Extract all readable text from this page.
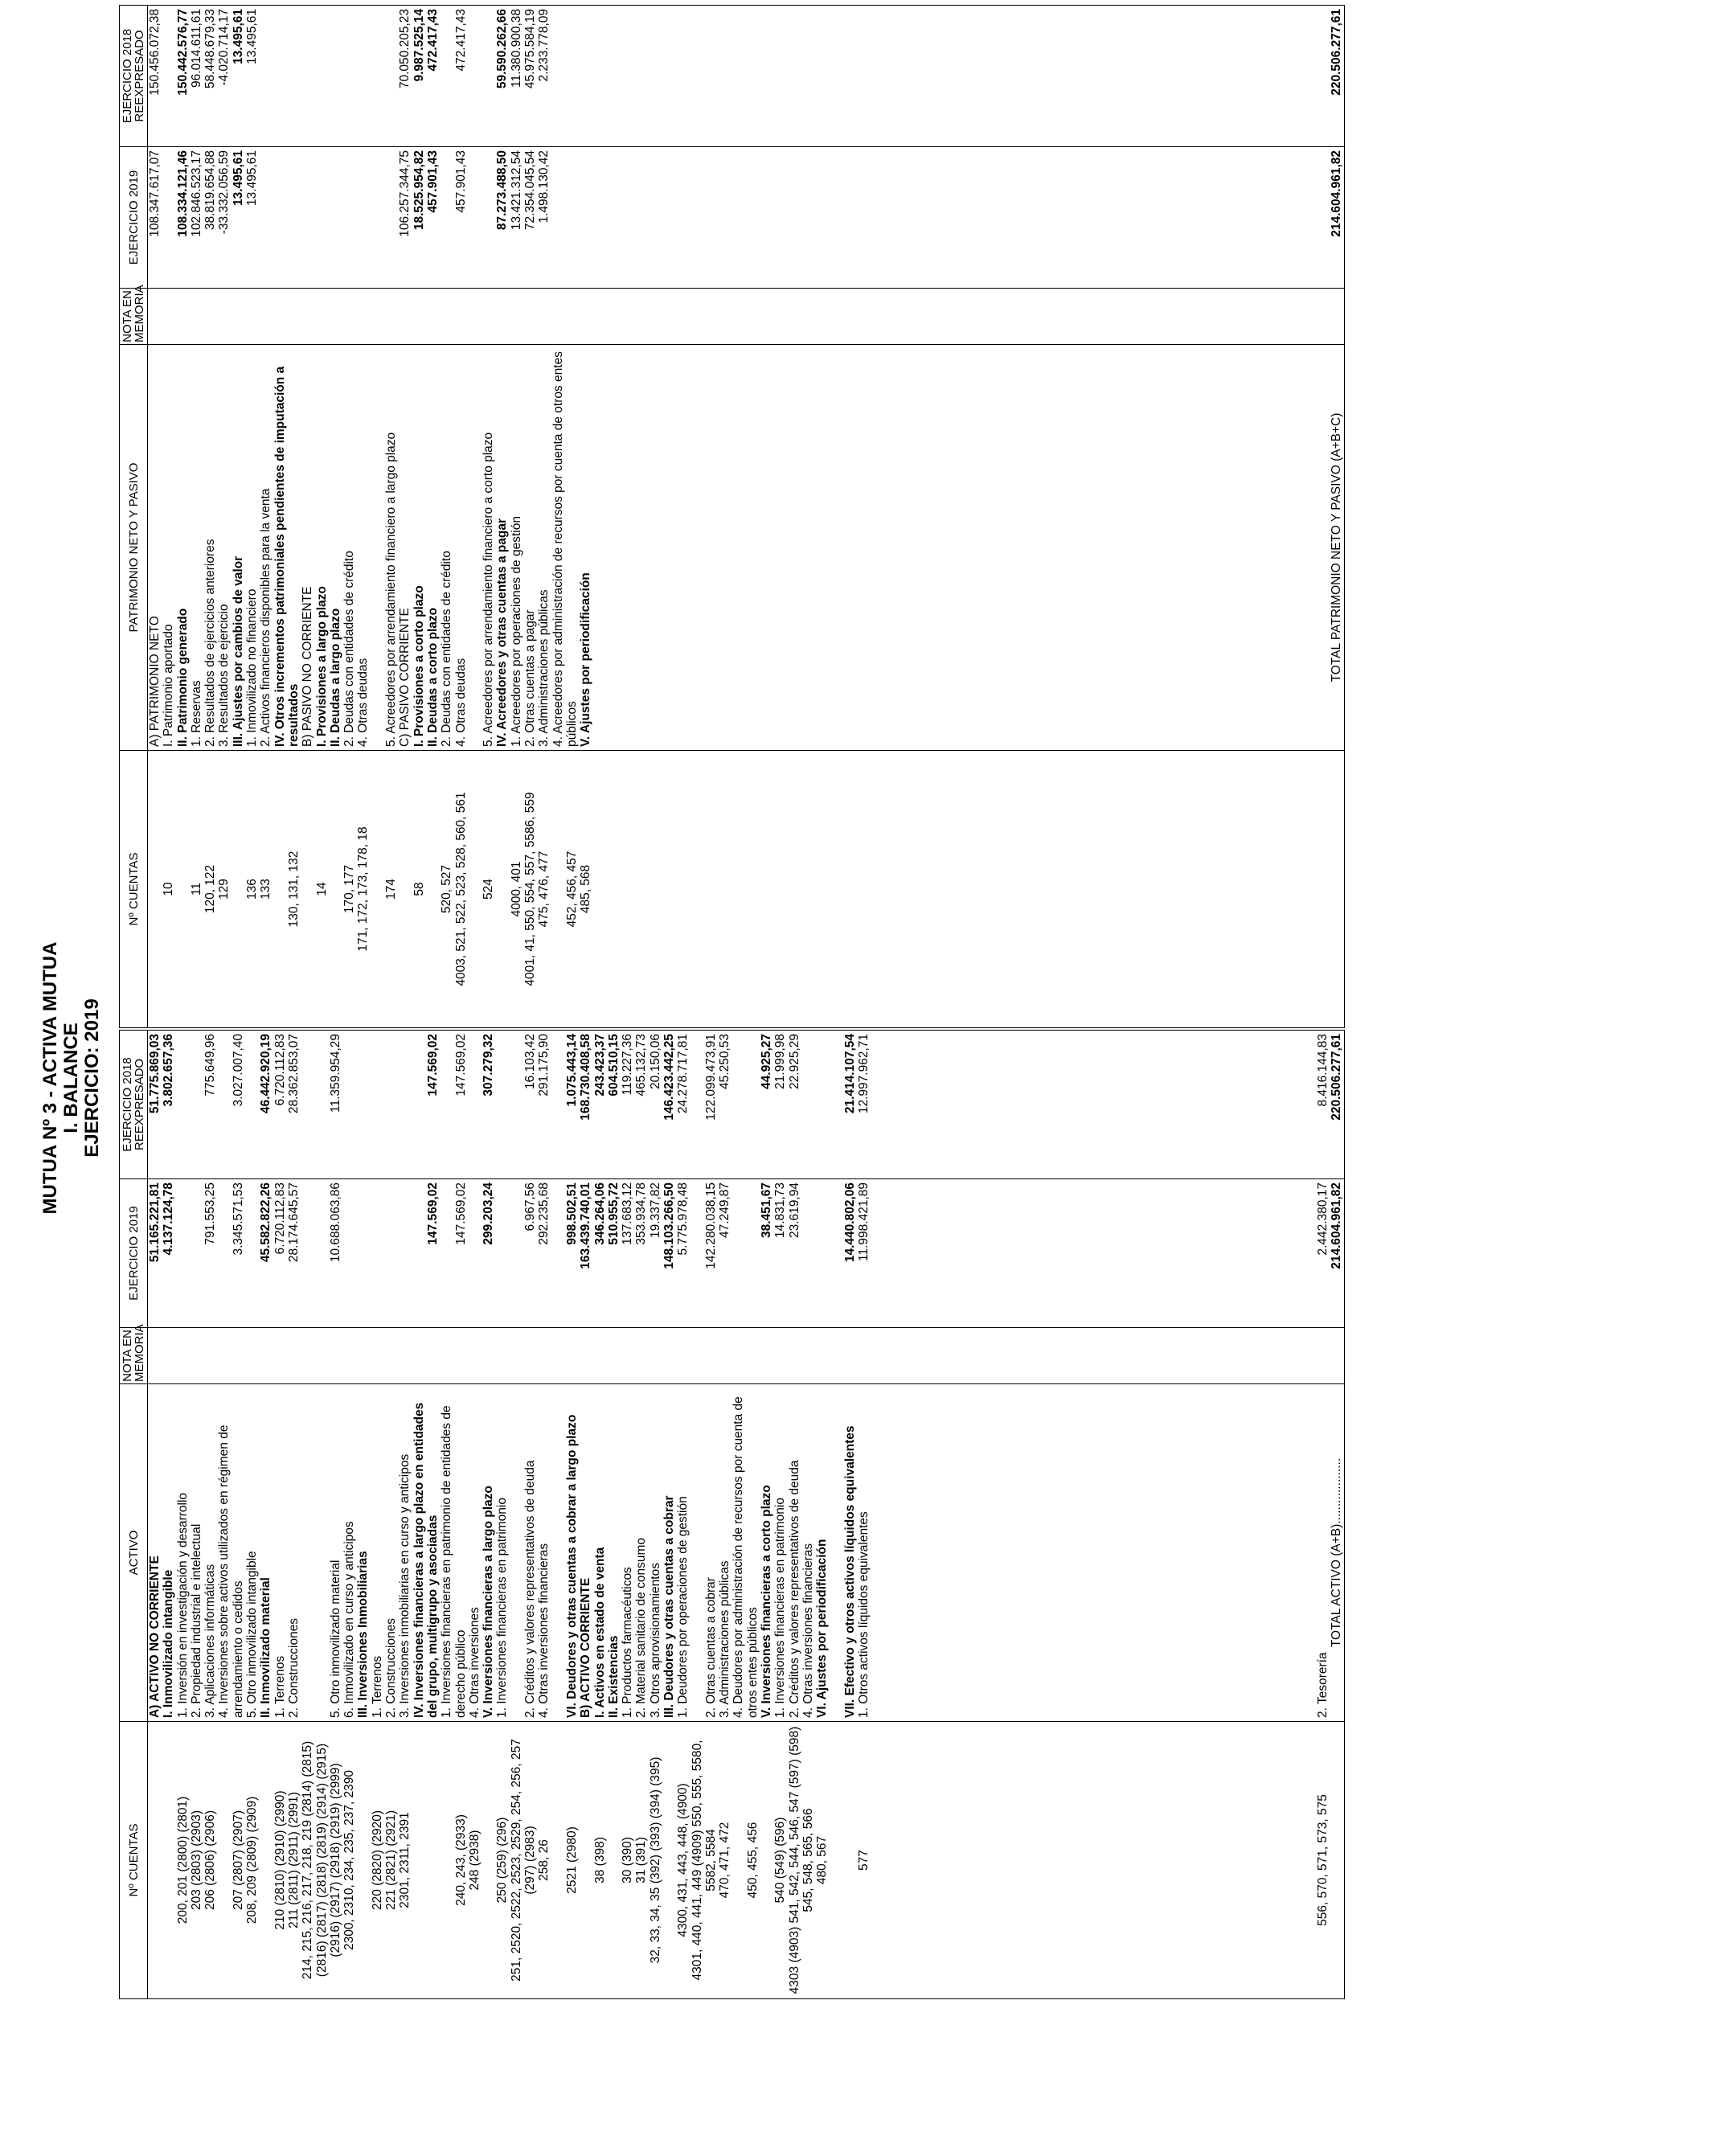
MUTUA Nº 3 - ACTIVA MUTUA I. BALANCE EJERCICIO: 2019
Nº CUENTAS	ACTIVO	NOTA EN MEMORIA	EJERCICIO 2019	EJERCICIO 2018 REEXPRESADO
	A) ACTIVO NO CORRIENTE		51.165.221,81	51.775.869,03
	I. Inmovilizado intangible		4.137.124,78	3.802.657,36
200, 201 (2800) (2801)	1. Inversión en investigación y desarrollo			
203 (2803) (2903)	2. Propiedad industrial e intelectual			
206 (2806) (2906)	3. Aplicaciones informáticas		791.553,25	775.649,96
207 (2807) (2907)	4. Inversiones sobre activos utilizados en régimen de arrendamiento o cedidos		3.345.571,53	3.027.007,40
208, 209 (2809) (2909)	5. Otro inmovilizado intangible			
	II. Inmovilizado material		45.582.822,26	46.442.920,19
210 (2810) (2910) (2990)	1. Terrenos		6.720.112,83	6.720.112,83
211 (2811) (2911) (2991)	2. Construcciones		28.174.645,57	28.362.853,07
214, 215, 216, 217, 218, 219 (2814) (2815) (2816) (2817) (2818) (2819) (2914) (2915) (2916) (2917) (2918) (2919) (2999)	5. Otro inmovilizado material		10.688.063,86	11.359.954,29
2300, 2310, 234, 235, 237, 2390	6. Inmovilizado en curso y anticipos			
	III. Inversiones Inmobiliarias			
220 (2820) (2920)	1. Terrenos			
221 (2821) (2921)	2. Construcciones			
2301, 2311, 2391	3. Inversiones inmobiliarias en curso y anticipos			
	IV. Inversiones financieras a largo plazo en entidades del grupo, multigrupo y asociadas		147.569,02	147.569,02
240, 243, (2933)	1. Inversiones financieras en patrimonio de entidades de derecho público		147.569,02	147.569,02
248 (2938)	4. Otras inversiones			
	V. Inversiones financieras a largo plazo		299.203,24	307.279,32
250 (259) (296)	1. Inversiones financieras en patrimonio			
251, 2520, 2522, 2523, 2529, 254, 256, 257 (297) (2983)	2. Créditos y valores representativos de deuda		6.967,56	16.103,42
258, 26	4. Otras inversiones financieras		292.235,68	291.175,90
2521 (2980)	VI. Deudores y otras cuentas a cobrar a largo plazo		998.502,51	1.075.443,14
	B) ACTIVO CORRIENTE		163.439.740,01	168.730.408,58
38 (398)	I. Activos en estado de venta		346.264,06	243.423,37
	II. Existencias		510.955,72	604.510,15
30 (390)	1. Productos farmacéuticos		137.683,12	119.227,36
31 (391)	2. Material sanitario de consumo		353.934,78	465.132,73
32, 33, 34, 35 (392) (393) (394) (395)	3. Otros aprovisionamientos		19.337,82	20.150,06
	III. Deudores y otras cuentas a cobrar		148.103.266,50	146.423.442,25
4300, 431, 443, 448, (4900)	1. Deudores por operaciones de gestión		5.775.978,48	24.278.717,81
4301, 440, 441, 449 (4909) 550, 555, 5580, 5582, 5584	2. Otras cuentas a cobrar		142.280.038,15	122.099.473,91
470, 471, 472	3. Administraciones públicas		47.249,87	45.250,53
450, 455, 456	4. Deudores por administración de recursos por cuenta de otros entes públicos			
	V. Inversiones financieras a corto plazo		38.451,67	44.925,27
540 (549) (596)	1. Inversiones financieras en patrimonio		14.831,73	21.999,98
4303 (4903) 541, 542, 544, 546, 547 (597) (598)	2. Créditos y valores representativos de deuda		23.619,94	22.925,29
545, 548, 565, 566	4. Otras inversiones financieras			
480, 567	VI. Ajustes por periodificación			
	VII. Efectivo y otros activos líquidos equivalentes		14.440.802,06	21.414.107,54
577	1. Otros activos líquidos equivalentes		11.998.421,89	12.997.962,71
556, 570, 571, 573, 575	2. Tesorería		2.442.380,17	8.416.144,83
	TOTAL ACTIVO (A+B)...................		214.604.961,82	220.506.277,61
Nº CUENTAS	PATRIMONIO NETO Y PASIVO	NOTA EN MEMORIA	EJERCICIO 2019	EJERCICIO 2018 REEXPRESADO
	A) PATRIMONIO NETO		108.347.617,07	150.456.072,38
10	I. Patrimonio aportado			
	II. Patrimonio generado		108.334.121,46	150.442.576,77
11	1. Reservas		102.846.523,17	96.014.611,61
120, 122	2. Resultados de ejercicios anteriores		38.819.654,88	58.448.679,33
129	3. Resultados de ejercicio		-33.332.056,59	-4.020.714,17
	III. Ajustes por cambios de valor		13.495,61	13.495,61
136	1. Inmovilizado no financiero		13.495,61	13.495,61
133	2. Activos financieros disponibles para la venta			
130, 131, 132	IV. Otros incrementos patrimoniales pendientes de imputación a resultados			
	B) PASIVO NO CORRIENTE			
14	I. Provisiones a largo plazo			
	II. Deudas a largo plazo			
170, 177	2. Deudas con entidades de crédito			
171, 172, 173, 178, 18	4. Otras deudas			
174	5. Acreedores por arrendamiento financiero a largo plazo			
	C) PASIVO CORRIENTE		106.257.344,75	70.050.205,23
58	I. Provisiones a corto plazo		18.525.954,82	9.987.525,14
	II. Deudas a corto plazo		457.901,43	472.417,43
520, 527	2. Deudas con entidades de crédito			
4003, 521, 522, 523, 528, 560, 561	4. Otras deudas		457.901,43	472.417,43
524	5. Acreedores por arrendamiento financiero a corto plazo			
	IV. Acreedores y otras cuentas a pagar		87.273.488,50	59.590.262,66
4000, 401	1. Acreedores por operaciones de gestión		13.421.312,54	11.380.900,38
4001, 41, 550, 554, 557, 5586, 559	2. Otras cuentas a pagar		72.354.045,54	45.975.584,19
475, 476, 477	3. Administraciones públicas		1.498.130,42	2.233.778,09
452, 456, 457	4. Acreedores por administración de recursos por cuenta de otros entes públicos			
485, 568	V. Ajustes por periodificación			

	TOTAL PATRIMONIO NETO Y PASIVO (A+B+C)		214.604.961,82	220.506.277,61
